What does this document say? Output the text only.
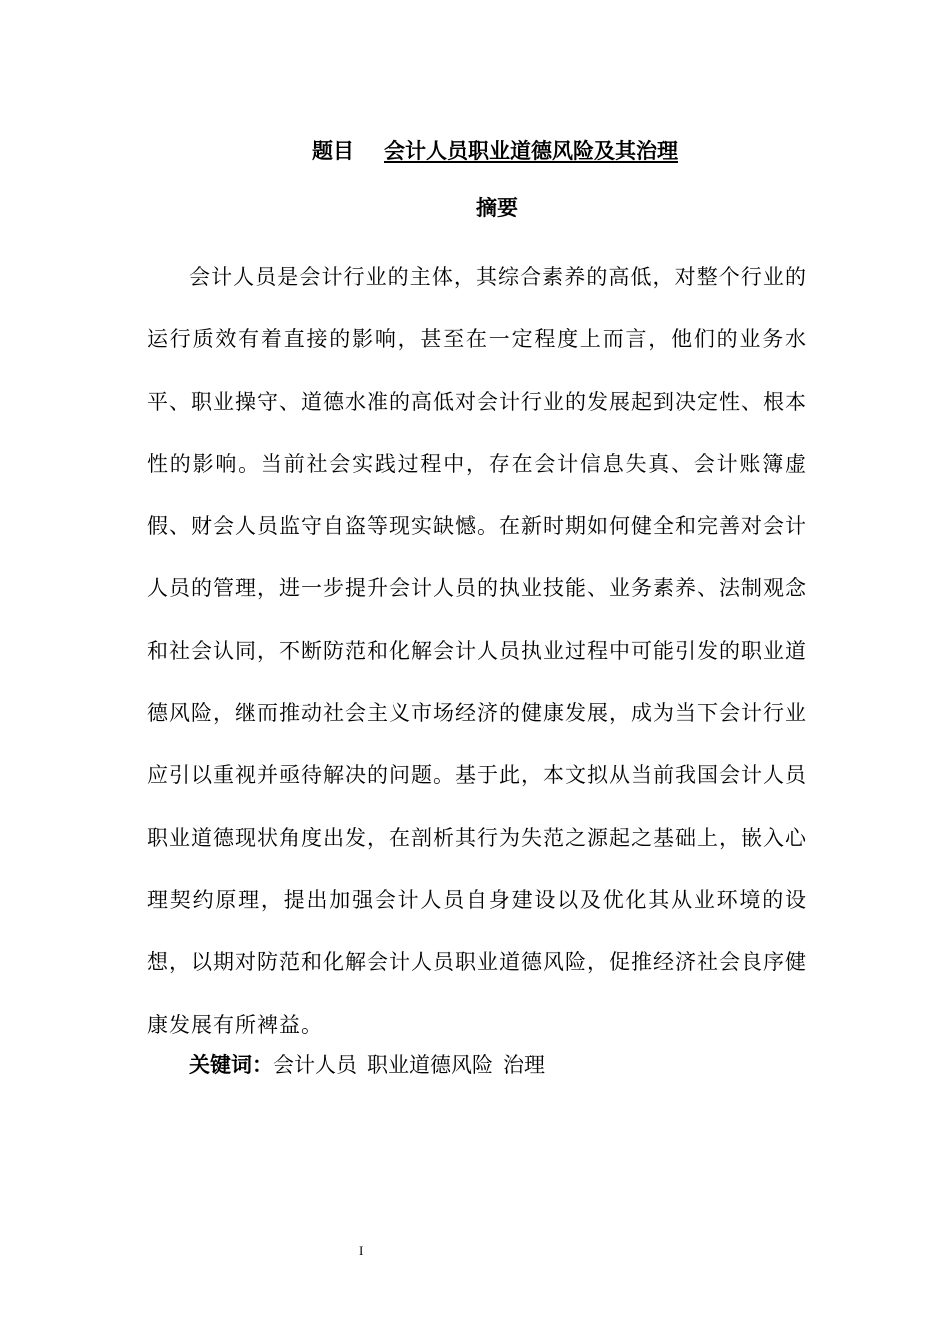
题目 会计人员职业道德风险及其治理
摘要

会计人员是会计行业的主体，其综合素养的高低，对整个行业的运行质效有着直接的影响，甚至在一定程度上而言，他们的业务水平、职业操守、道德水准的高低对会计行业的发展起到决定性、根本性的影响。当前社会实践过程中，存在会计信息失真、会计账簿虚假、财会人员监守自盗等现实缺憾。在新时期如何健全和完善对会计人员的管理，进一步提升会计人员的执业技能、业务素养、法制观念和社会认同，不断防范和化解会计人员执业过程中可能引发的职业道德风险，继而推动社会主义市场经济的健康发展，成为当下会计行业应引以重视并亟待解决的问题。基于此，本文拟从当前我国会计人员职业道德现状角度出发，在剖析其行为失范之源起之基础上，嵌入心理契约原理，提出加强会计人员自身建设以及优化其从业环境的设想，以期对防范和化解会计人员职业道德风险，促推经济社会良序健康发展有所裨益。

关键词：会计人员 职业道德风险 治理
I
